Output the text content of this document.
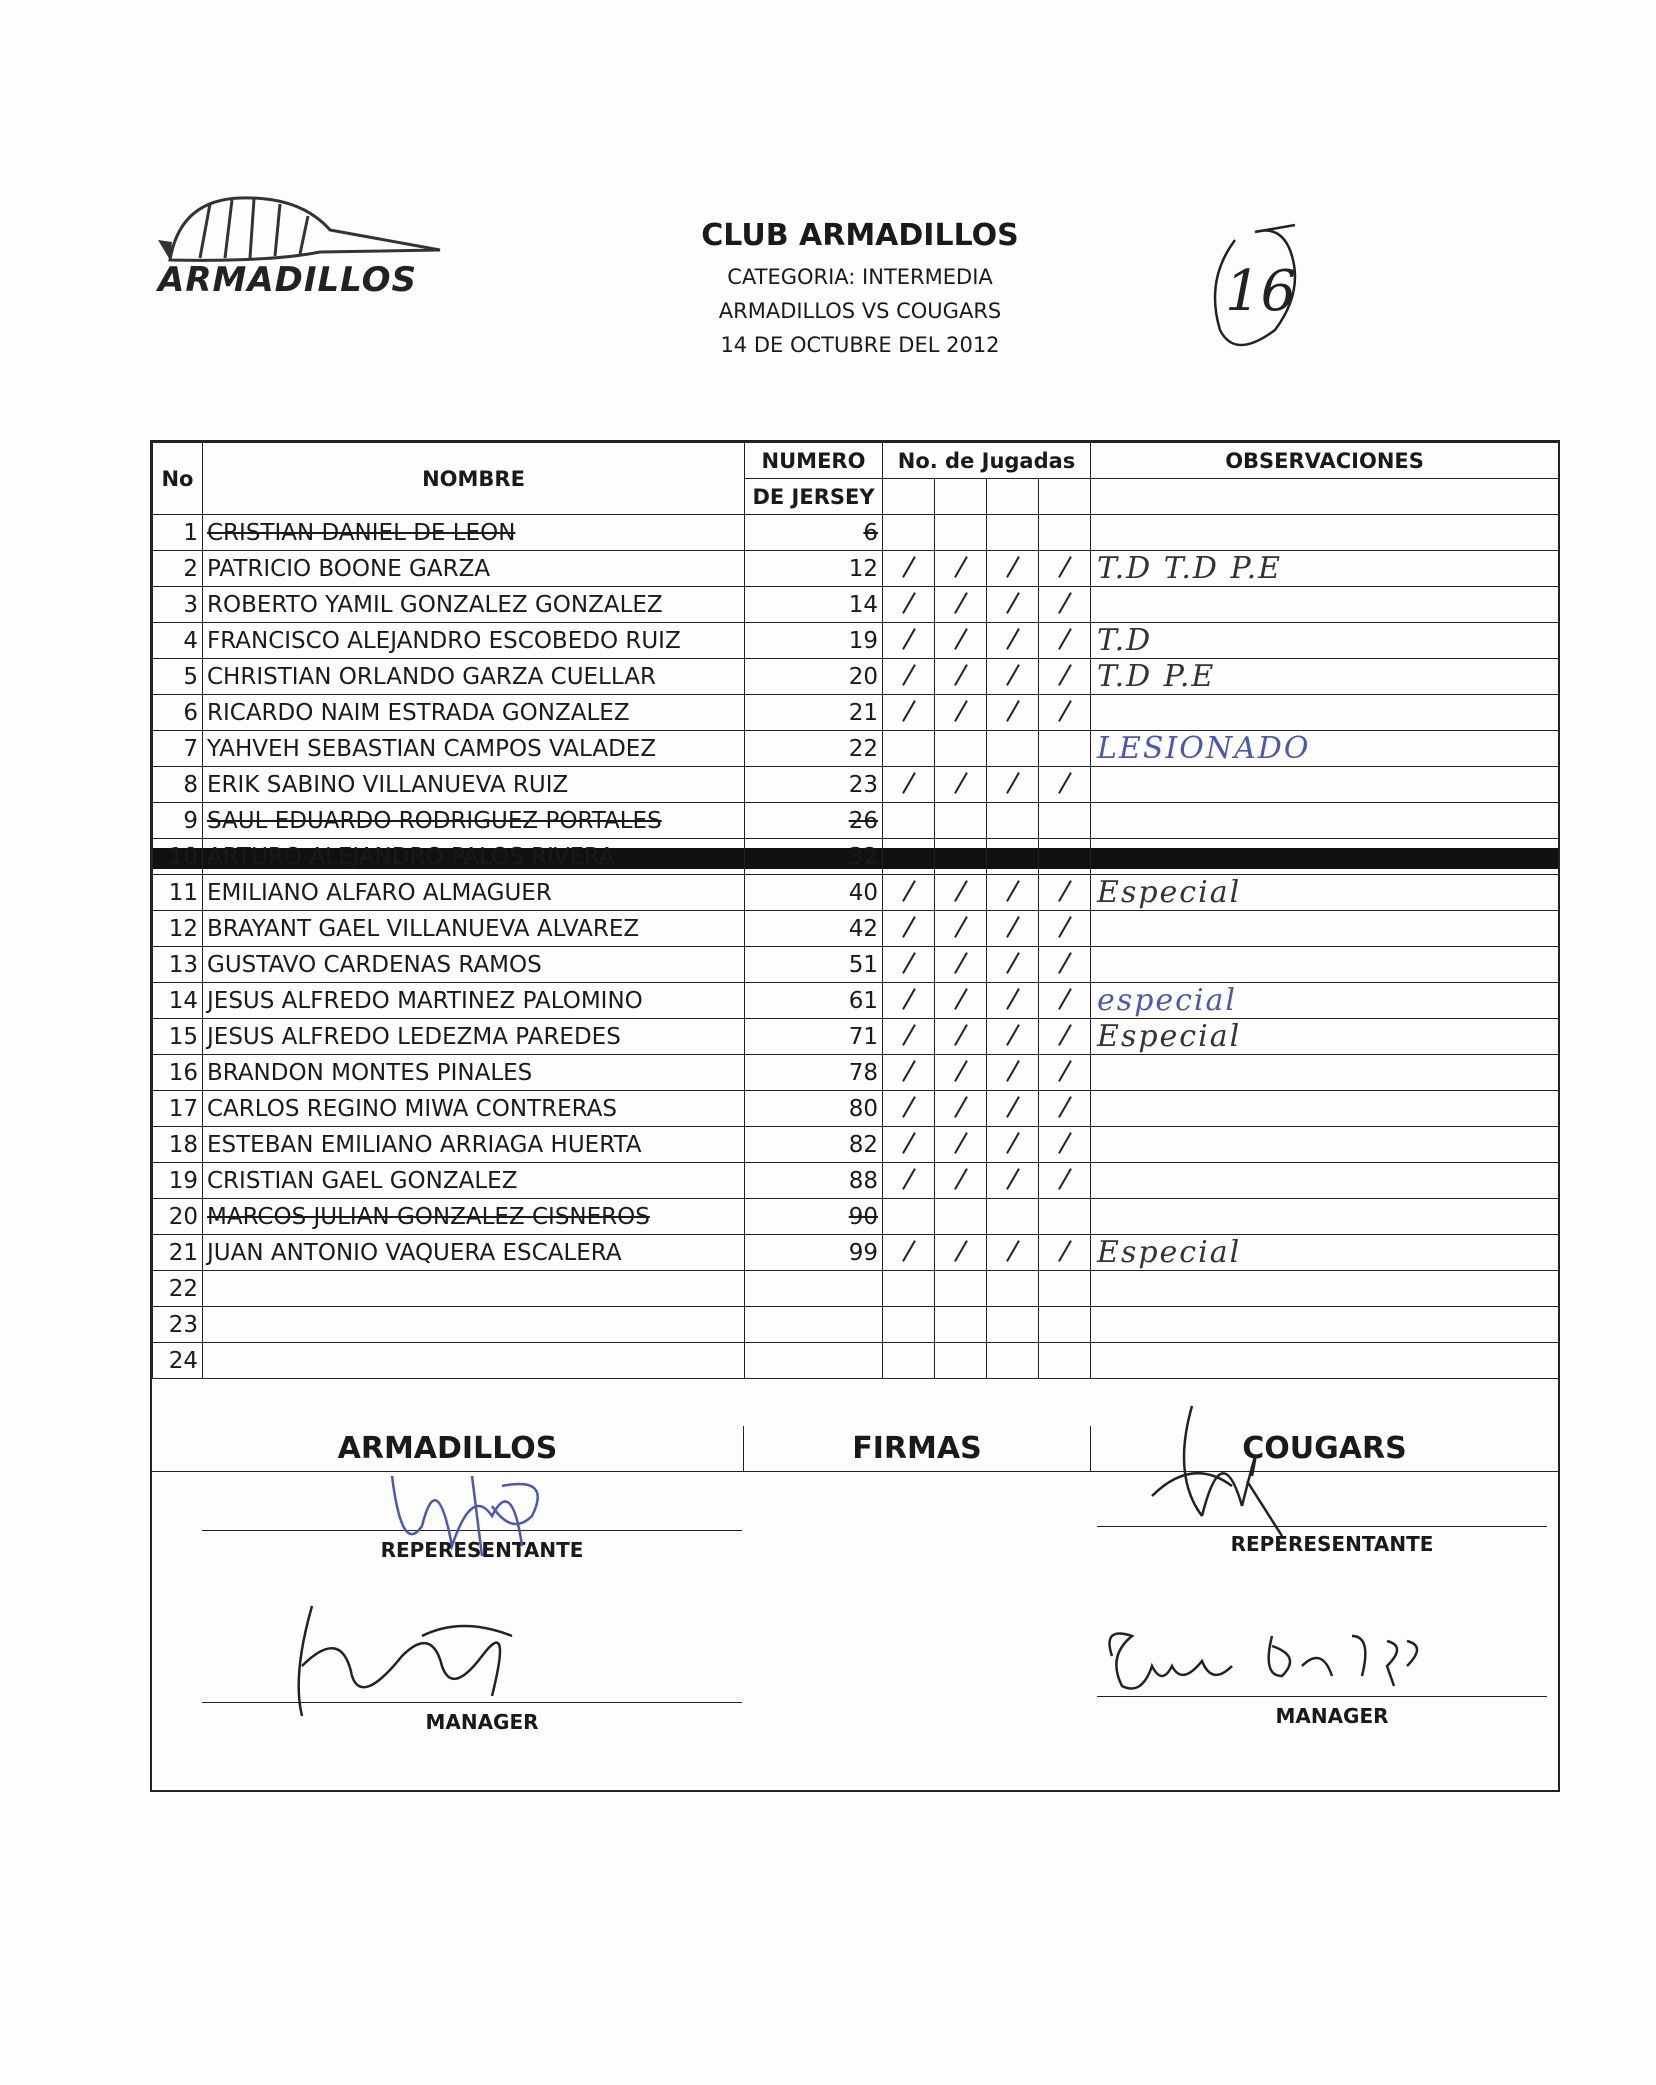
ARMADILLOS
CLUB ARMADILLOS
CATEGORIA: INTERMEDIA
ARMADILLOS VS COUGARS
14 DE OCTUBRE DEL 2012
16
No	NOMBRE	NUMERO	No. de Jugadas				OBSERVACIONES
		DE JERSEY					
1	CRISTIAN DANIEL DE LEON	6					
2	PATRICIO BOONE GARZA	12					T.D T.D P.E
3	ROBERTO YAMIL GONZALEZ GONZALEZ	14					
4	FRANCISCO ALEJANDRO ESCOBEDO RUIZ	19					T.D
5	CHRISTIAN ORLANDO GARZA CUELLAR	20					T.D P.E
6	RICARDO NAIM ESTRADA GONZALEZ	21					
7	YAHVEH SEBASTIAN CAMPOS VALADEZ	22					LESIONADO
8	ERIK SABINO VILLANUEVA RUIZ	23					
9	SAUL EDUARDO RODRIGUEZ PORTALES	26					
10	ARTURO ALEJANDRO PALOS RIVERA	32					
11	EMILIANO ALFARO ALMAGUER	40					Especial
12	BRAYANT GAEL VILLANUEVA ALVAREZ	42					
13	GUSTAVO CARDENAS RAMOS	51					
14	JESUS ALFREDO MARTINEZ PALOMINO	61					especial
15	JESUS ALFREDO LEDEZMA PAREDES	71					Especial
16	BRANDON MONTES PINALES	78					
17	CARLOS REGINO MIWA CONTRERAS	80					
18	ESTEBAN EMILIANO ARRIAGA HUERTA	82					
19	CRISTIAN GAEL GONZALEZ	88					
20	MARCOS JULIAN GONZALEZ CISNEROS	90					
21	JUAN ANTONIO VAQUERA ESCALERA	99					Especial
22							
23							
24							
ARMADILLOS	FIRMAS	COUGARS
REPERESENTANTE	REPERESENTANTE
MANAGER	MANAGER
